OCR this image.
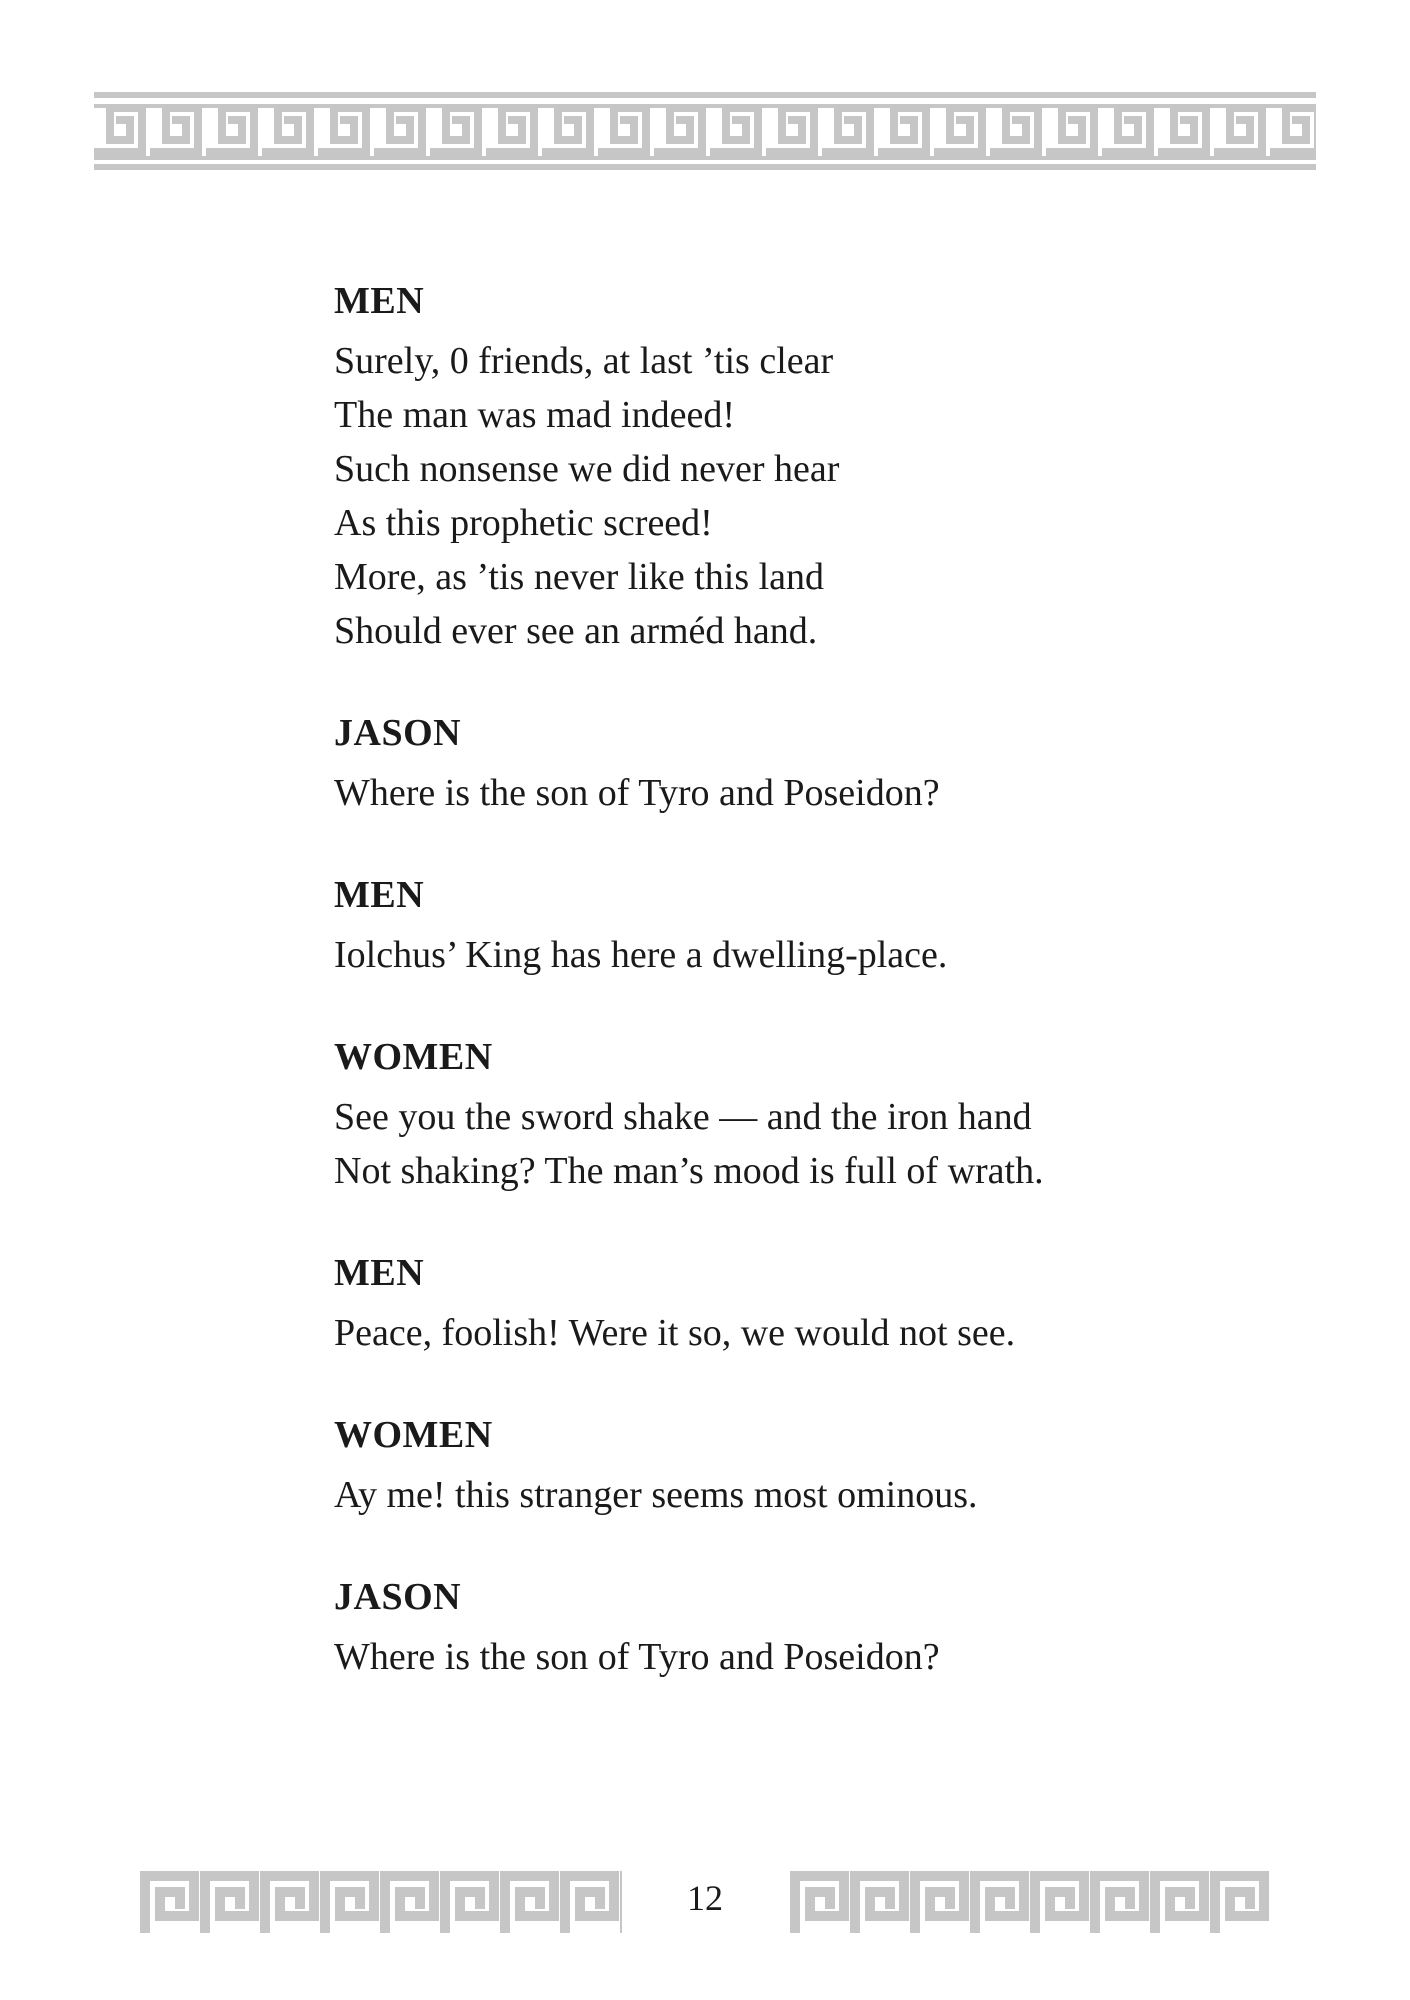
MEN
Surely, 0 friends, at last ’tis clear
The man was mad indeed!
Such nonsense we did never hear
As this prophetic screed!
More, as ’tis never like this land
Should ever see an arméd hand.
JASON
Where is the son of Tyro and Poseidon?
MEN
Iolchus’ King has here a dwelling-place.
WOMEN
See you the sword shake — and the iron hand
Not shaking? The man’s mood is full of wrath.
MEN
Peace, foolish! Were it so, we would not see.
WOMEN
Ay me! this stranger seems most ominous.
JASON
Where is the son of Tyro and Poseidon?
12
